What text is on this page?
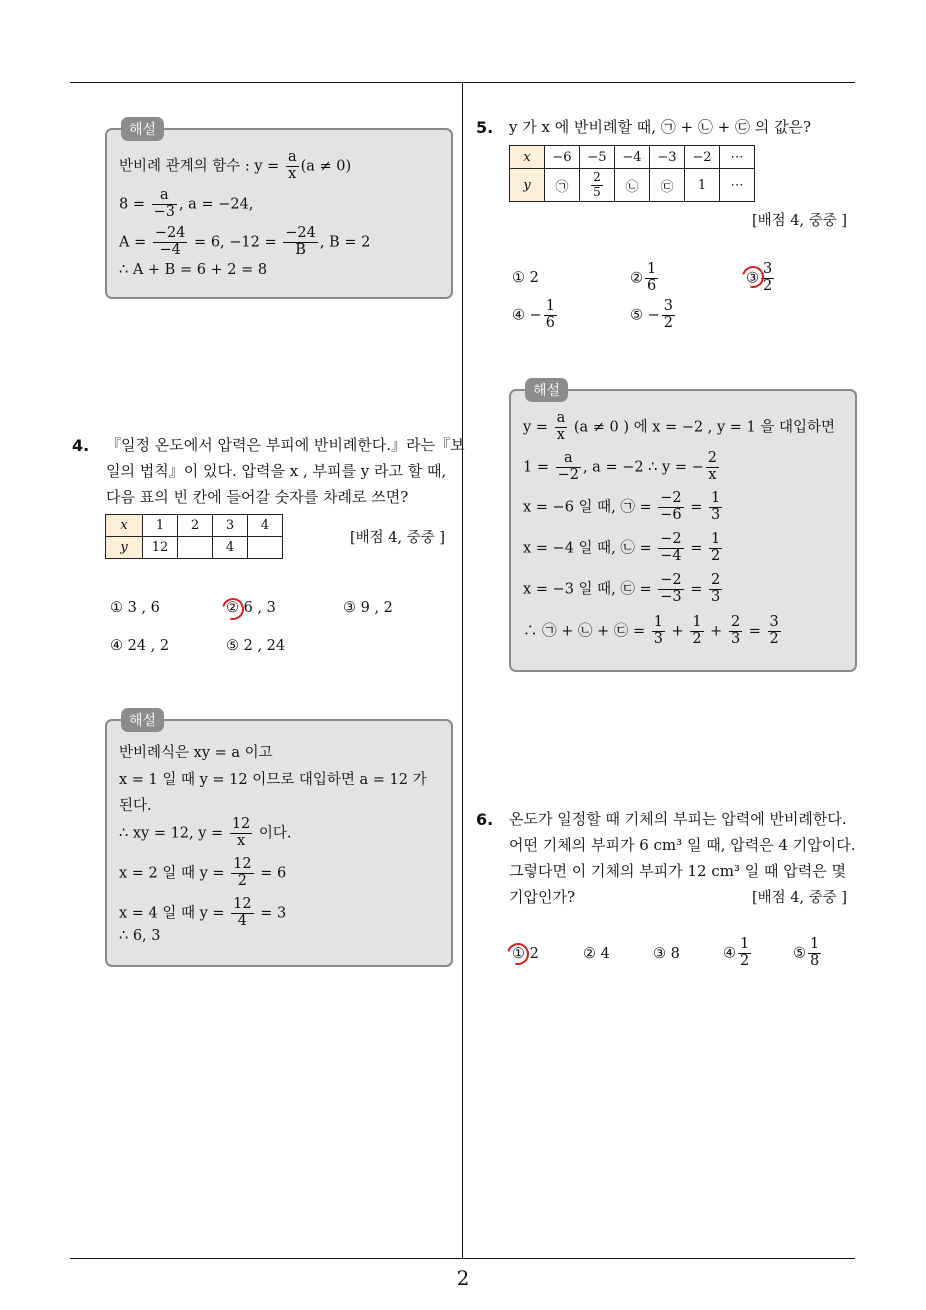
2
해설
반비례 관계의 함수 : $y = \frac{a}{x} (a \ne 0)$
$8 = \frac{a}{-3}$ , a = −24,
$A = \frac{-24}{-4} = 6$, $-12 = \frac{-24}{B}$ , B = 2
∴ A + B = 6 + 2 = 8
4. 『일정 온도에서 압력은 부피에 반비례한다.』라는『보
일의 법칙』이 있다. 압력을 x , 부피를 y 라고 할 때,
다음 표의 빈 칸에 들어갈 숫자를 차례로 쓰면?
x	1	2	3	4
y	12		4	
[배점 4, 중중 ]
① 3 , 6	② 6 , 3	③ 9 , 2
④ 24 , 2	⑤ 2 , 24
해설
반비례식은 xy = a 이고
x = 1 일 때 y = 12 이므로 대입하면 a = 12 가
된다.
∴ xy = 12, $y = \frac{12}{x}$ 이다.
x = 2 일 때 $y = \frac{12}{2} = 6$
x = 4 일 때 $y = \frac{12}{4} = 3$
∴ 6, 3
5. y 가 x 에 반비례할 때, ㉠ + ㉡ + ㉢ 의 값은?
x	−6	−5	−4	−3	−2	⋯
y	㉠	$\frac{2}{5}$	㉡	㉢	1	⋯
[배점 4, 중중 ]
① 2	② $\frac{1}{6}$	③ $\frac{3}{2}$
④ − $\frac{1}{6}$	⑤ − $\frac{3}{2}$
해설
$y = \frac{a}{x} (a \ne 0$ ) 에 x = −2 , y = 1 을 대입하면
$1 = \frac{a}{-2}$ , a = −2 ∴ y = − $\frac{2}{x}$
x = −6 일 때, ㉠ = $\frac{-2}{-6} = \frac{1}{3}$
x = −4 일 때, ㉡ = $\frac{-2}{-4} = \frac{1}{2}$
x = −3 일 때, ㉢ = $\frac{-2}{-3} = \frac{2}{3}$
∴ ㉠ + ㉡ + ㉢ = $\frac{1}{3} + \frac{1}{2} + \frac{2}{3} = \frac{3}{2}$
6. 온도가 일정할 때 기체의 부피는 압력에 반비례한다.
어떤 기체의 부피가 6 cm³ 일 때, 압력은 4 기압이다.
그렇다면 이 기체의 부피가 12 cm³ 일 때 압력은 몇
기압인가?	[배점 4, 중중 ]
① 2	② 4	③ 8	④ $\frac{1}{2}$	⑤ $\frac{1}{8}$
